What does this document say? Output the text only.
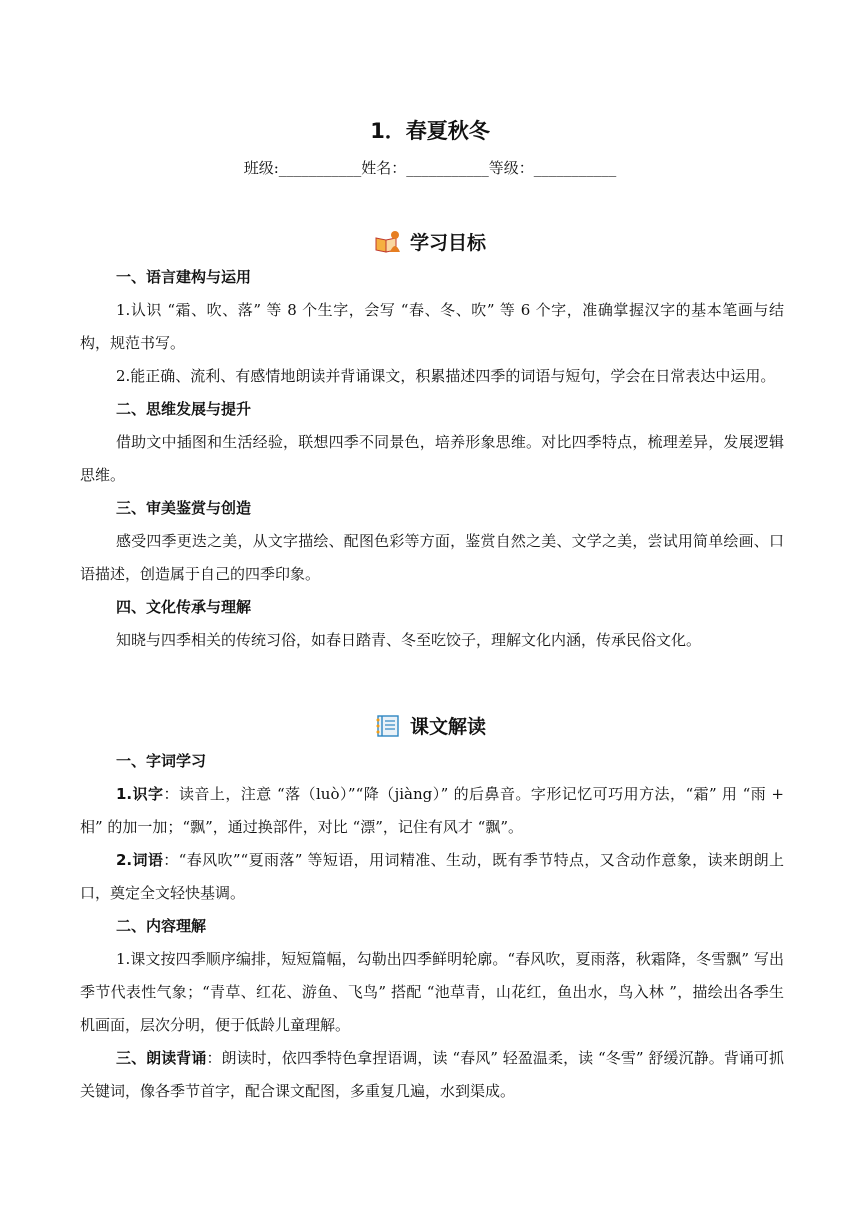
1．春夏秋冬
班级:___________姓名：___________等级：___________
学习目标
一、语言建构与运用
1.认识 “霜、吹、落” 等 8 个生字，会写 “春、冬、吹” 等 6 个字，准确掌握汉字的基本笔画与结构，规范书写。
2.能正确、流利、有感情地朗读并背诵课文，积累描述四季的词语与短句，学会在日常表达中运用。
二、思维发展与提升
借助文中插图和生活经验，联想四季不同景色，培养形象思维。对比四季特点，梳理差异，发展逻辑思维。
三、审美鉴赏与创造
感受四季更迭之美，从文字描绘、配图色彩等方面，鉴赏自然之美、文学之美，尝试用简单绘画、口语描述，创造属于自己的四季印象。
四、文化传承与理解
知晓与四季相关的传统习俗，如春日踏青、冬至吃饺子，理解文化内涵，传承民俗文化。
课文解读
一、字词学习
1.识字：读音上，注意 “落（luò）”“降（jiàng）” 的后鼻音。字形记忆可巧用方法，“霜” 用 “雨 + 相” 的加一加；“飘”，通过换部件，对比 “漂”，记住有风才 “飘”。
2.词语：“春风吹”“夏雨落” 等短语，用词精准、生动，既有季节特点，又含动作意象，读来朗朗上口，奠定全文轻快基调。
二、内容理解
1.课文按四季顺序编排，短短篇幅，勾勒出四季鲜明轮廓。“春风吹，夏雨落，秋霜降，冬雪飘” 写出季节代表性气象；“青草、红花、游鱼、飞鸟” 搭配 “池草青，山花红，鱼出水，鸟入林 ”，描绘出各季生机画面，层次分明，便于低龄儿童理解。
三、朗读背诵：朗读时，依四季特色拿捏语调，读 “春风” 轻盈温柔，读 “冬雪” 舒缓沉静。背诵可抓关键词，像各季节首字，配合课文配图，多重复几遍，水到渠成。
